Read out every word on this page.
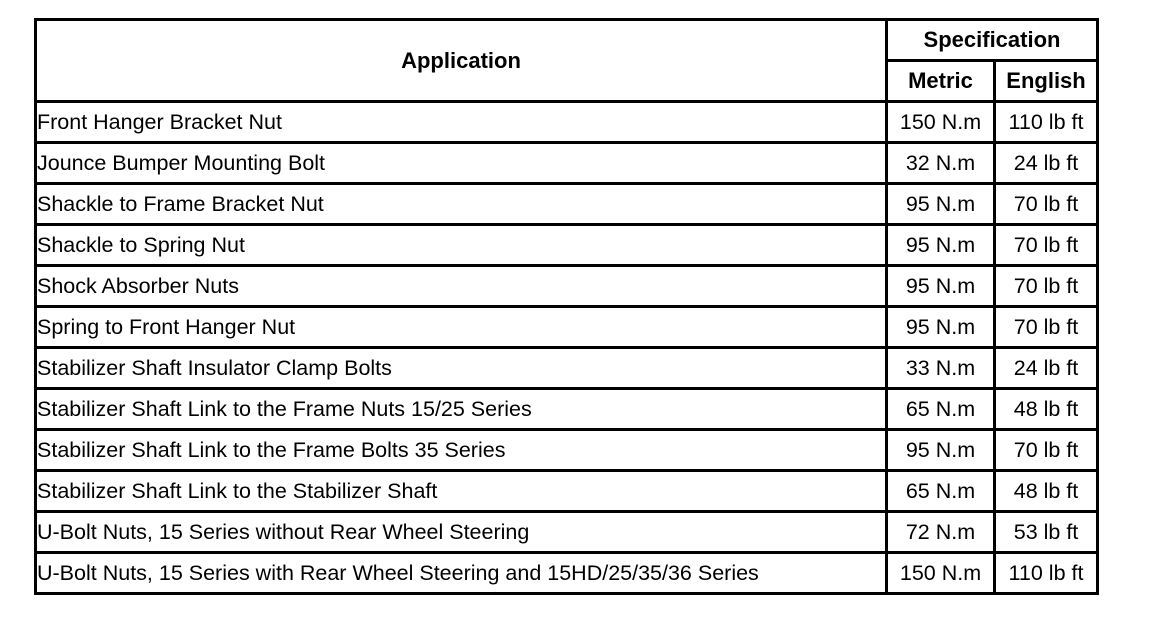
Application	Specification	
	Metric	English
Front Hanger Bracket Nut	150 N.m	110 lb ft
Jounce Bumper Mounting Bolt	32 N.m	24 lb ft
Shackle to Frame Bracket Nut	95 N.m	70 lb ft
Shackle to Spring Nut	95 N.m	70 lb ft
Shock Absorber Nuts	95 N.m	70 lb ft
Spring to Front Hanger Nut	95 N.m	70 lb ft
Stabilizer Shaft Insulator Clamp Bolts	33 N.m	24 lb ft
Stabilizer Shaft Link to the Frame Nuts 15/25 Series	65 N.m	48 lb ft
Stabilizer Shaft Link to the Frame Bolts 35 Series	95 N.m	70 lb ft
Stabilizer Shaft Link to the Stabilizer Shaft	65 N.m	48 lb ft
U-Bolt Nuts, 15 Series without Rear Wheel Steering	72 N.m	53 lb ft
U-Bolt Nuts, 15 Series with Rear Wheel Steering and 15HD/25/35/36 Series	150 N.m	110 lb ft
